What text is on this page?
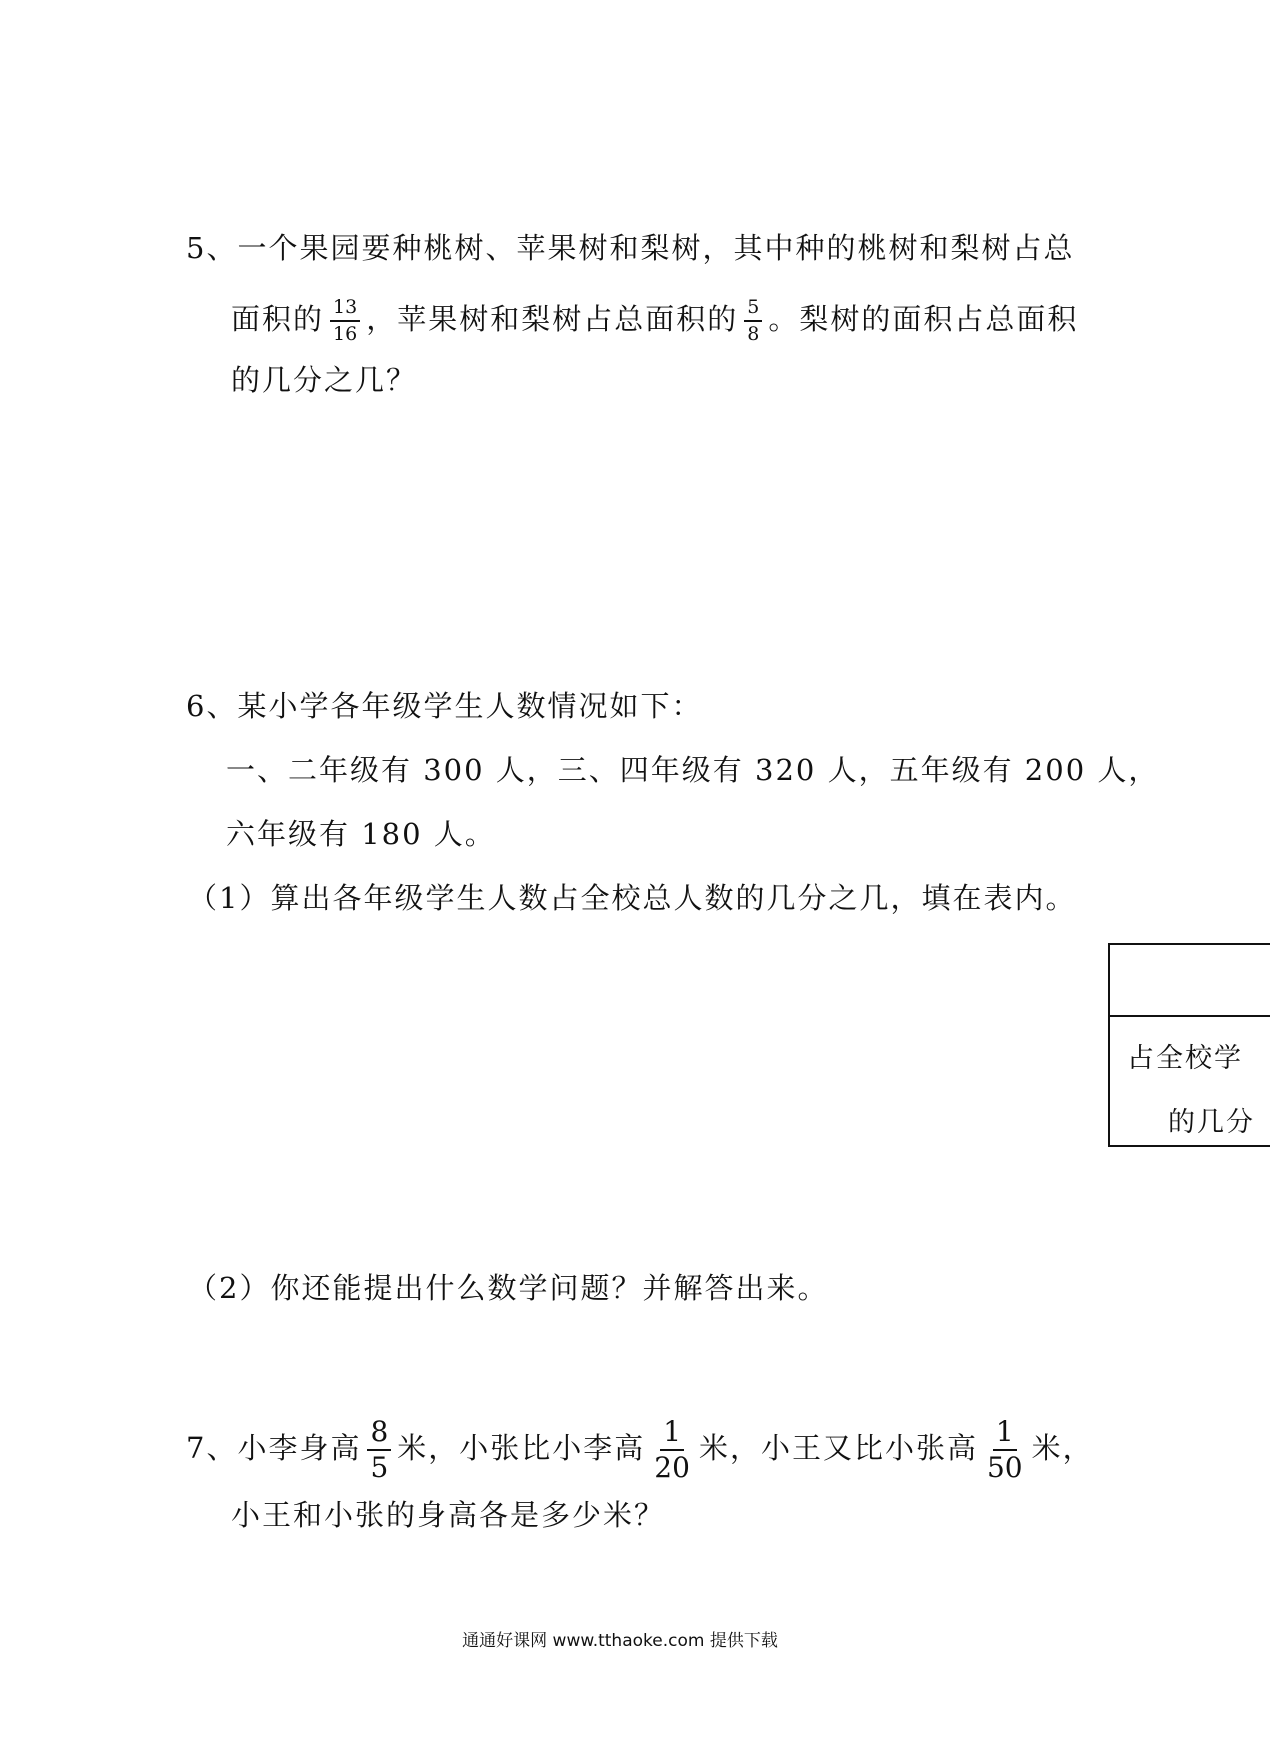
5、一个果园要种桃树、苹果树和梨树，其中种的桃树和梨树占总
面积的 $\frac{13}{16}$ ，苹果树和梨树占总面积的 $\frac{5}{8}$ 。梨树的面积占总面积
的几分之几？
6、某小学各年级学生人数情况如下：
一、二年级有 300 人，三、四年级有 320 人，五年级有 200 人，
六年级有 180 人。
（1）算出各年级学生人数占全校总人数的几分之几，填在表内。
占全校学
的几分
（2）你还能提出什么数学问题？并解答出来。
7、小李身高 $\frac{8}{5}$ 米，小张比小李高 $\frac{1}{20}$ 米，小王又比小张高 $\frac{1}{50}$ 米，
小王和小张的身高各是多少米？
通通好课网 www.tthaoke.com 提供下载
